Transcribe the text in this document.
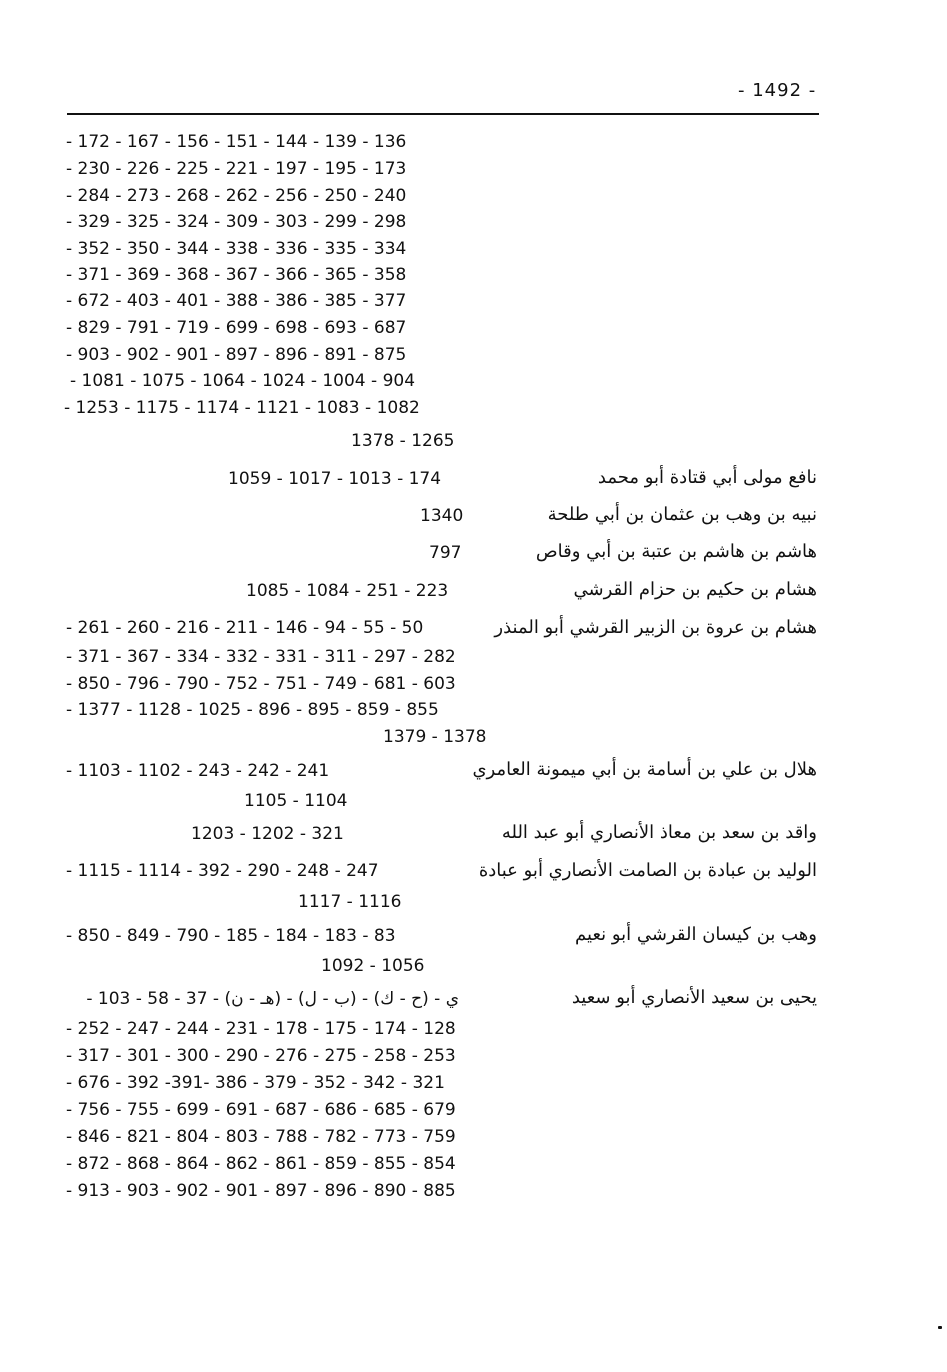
- 1492 -
- 172 - 167 - 156 - 151 - 144 - 139 - 136
- 230 - 226 - 225 - 221 - 197 - 195 - 173
- 284 - 273 - 268 - 262 - 256 - 250 - 240
- 329 - 325 - 324 - 309 - 303 - 299 - 298
- 352 - 350 - 344 - 338 - 336 - 335 - 334
- 371 - 369 - 368 - 367 - 366 - 365 - 358
- 672 - 403 - 401 - 388 - 386 - 385 - 377
- 829 - 791 - 719 - 699 - 698 - 693 - 687
- 903 - 902 - 901 - 897 - 896 - 891 - 875
- 1081 - 1075 - 1064 - 1024 - 1004 - 904
- 1253 - 1175 - 1174 - 1121 - 1083 - 1082
1378 - 1265
نافع مولى أبي قتادة أبو محمد
1059 - 1017 - 1013 - 174
نبيه بن وهب بن عثمان بن أبي طلحة
1340
هاشم بن هاشم بن عتبة بن أبي وقاص
797
هشام بن حكيم بن حزام القرشي
1085 - 1084 - 251 - 223
هشام بن عروة بن الزبير القرشي أبو المنذر
- 261 - 260 - 216 - 211 - 146 - 94 - 55 - 50
- 371 - 367 - 334 - 332 - 331 - 311 - 297 - 282
- 850 - 796 - 790 - 752 - 751 - 749 - 681 - 603
- 1377 - 1128 - 1025 - 896 - 895 - 859 - 855
1379 - 1378
هلال بن علي بن أسامة بن أبي ميمونة العامري
- 1103 - 1102 - 243 - 242 - 241
1105 - 1104
واقد بن سعد بن معاذ الأنصاري أبو عبد الله
1203 - 1202 - 321
الوليد بن عبادة بن الصامت الأنصاري أبو عبادة
- 1115 - 1114 - 392 - 290 - 248 - 247
1117 - 1116
وهب بن كيسان القرشي أبو نعيم
- 850 - 849 - 790 - 185 - 184 - 183 - 83
1092 - 1056
يحيى بن سعيد الأنصاري أبو سعيد
ي - (ح - ك) - (ب - ل) - (هـ - ن) - 37 - 58 - 103 -
- 252 - 247 - 244 - 231 - 178 - 175 - 174 - 128
- 317 - 301 - 300 - 290 - 276 - 275 - 258 - 253
- 676 - 392 -391- 386 - 379 - 352 - 342 - 321
- 756 - 755 - 699 - 691 - 687 - 686 - 685 - 679
- 846 - 821 - 804 - 803 - 788 - 782 - 773 - 759
- 872 - 868 - 864 - 862 - 861 - 859 - 855 - 854
- 913 - 903 - 902 - 901 - 897 - 896 - 890 - 885
